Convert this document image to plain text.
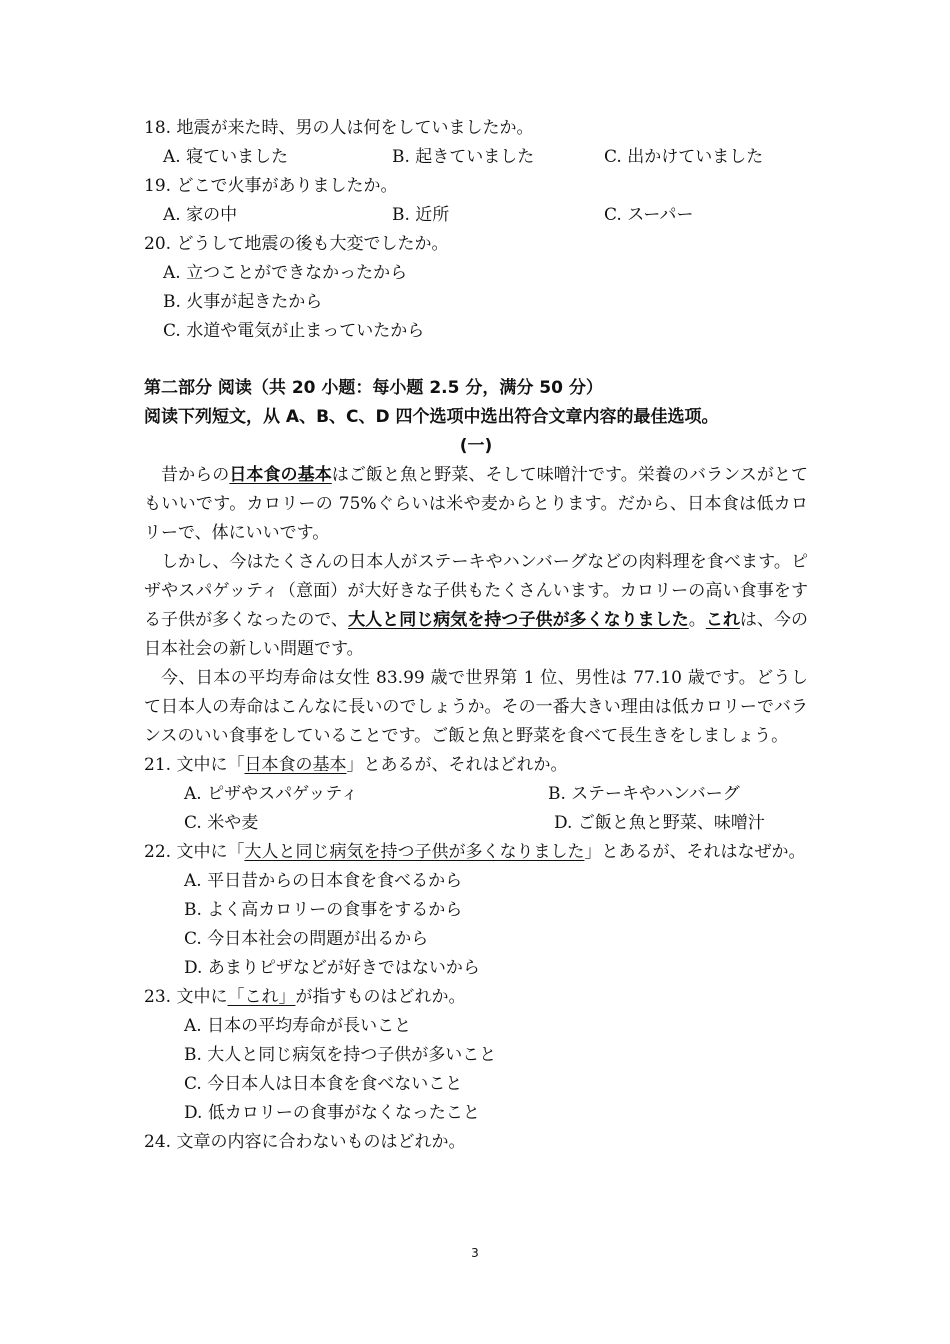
18. 地震が来た時、男の人は何をしていましたか。
A. 寝ていました	B. 起きていました	C. 出かけていました
19. どこで火事がありましたか。
A. 家の中	B. 近所	C. スーパー
20. どうして地震の後も大変でしたか。
A. 立つことができなかったから
B. 火事が起きたから
C. 水道や電気が止まっていたから
第二部分 阅读（共 20 小题：每小题 2.5 分，满分 50 分）
阅读下列短文，从 A、B、C、D 四个选项中选出符合文章内容的最佳选项。
(一)
昔からの日本食の基本はご飯と魚と野菜、そして味噌汁です。栄養のバランスがとてもいいです。カロリーの 75%ぐらいは米や麦からとります。だから、日本食は低カロリーで、体にいいです。
しかし、今はたくさんの日本人がステーキやハンバーグなどの肉料理を食べます。ピザやスパゲッティ（意面）が大好きな子供もたくさんいます。カロリーの高い食事をする子供が多くなったので、大人と同じ病気を持つ子供が多くなりました。これは、今の日本社会の新しい問題です。
今、日本の平均寿命は女性 83.99 歳で世界第 1 位、男性は 77.10 歳です。どうして日本人の寿命はこんなに長いのでしょうか。その一番大きい理由は低カロリーでバランスのいい食事をしていることです。ご飯と魚と野菜を食べて長生きをしましょう。
21. 文中に「日本食の基本」とあるが、それはどれか。
A. ピザやスパゲッティ	B. ステーキやハンバーグ
C. 米や麦	D. ご飯と魚と野菜、味噌汁
22. 文中に「大人と同じ病気を持つ子供が多くなりました」とあるが、それはなぜか。
A. 平日昔からの日本食を食べるから
B. よく高カロリーの食事をするから
C. 今日本社会の問題が出るから
D. あまりピザなどが好きではないから
23. 文中に「これ」が指すものはどれか。
A. 日本の平均寿命が長いこと
B. 大人と同じ病気を持つ子供が多いこと
C. 今日本人は日本食を食べないこと
D. 低カロリーの食事がなくなったこと
24. 文章の内容に合わないものはどれか。
3
